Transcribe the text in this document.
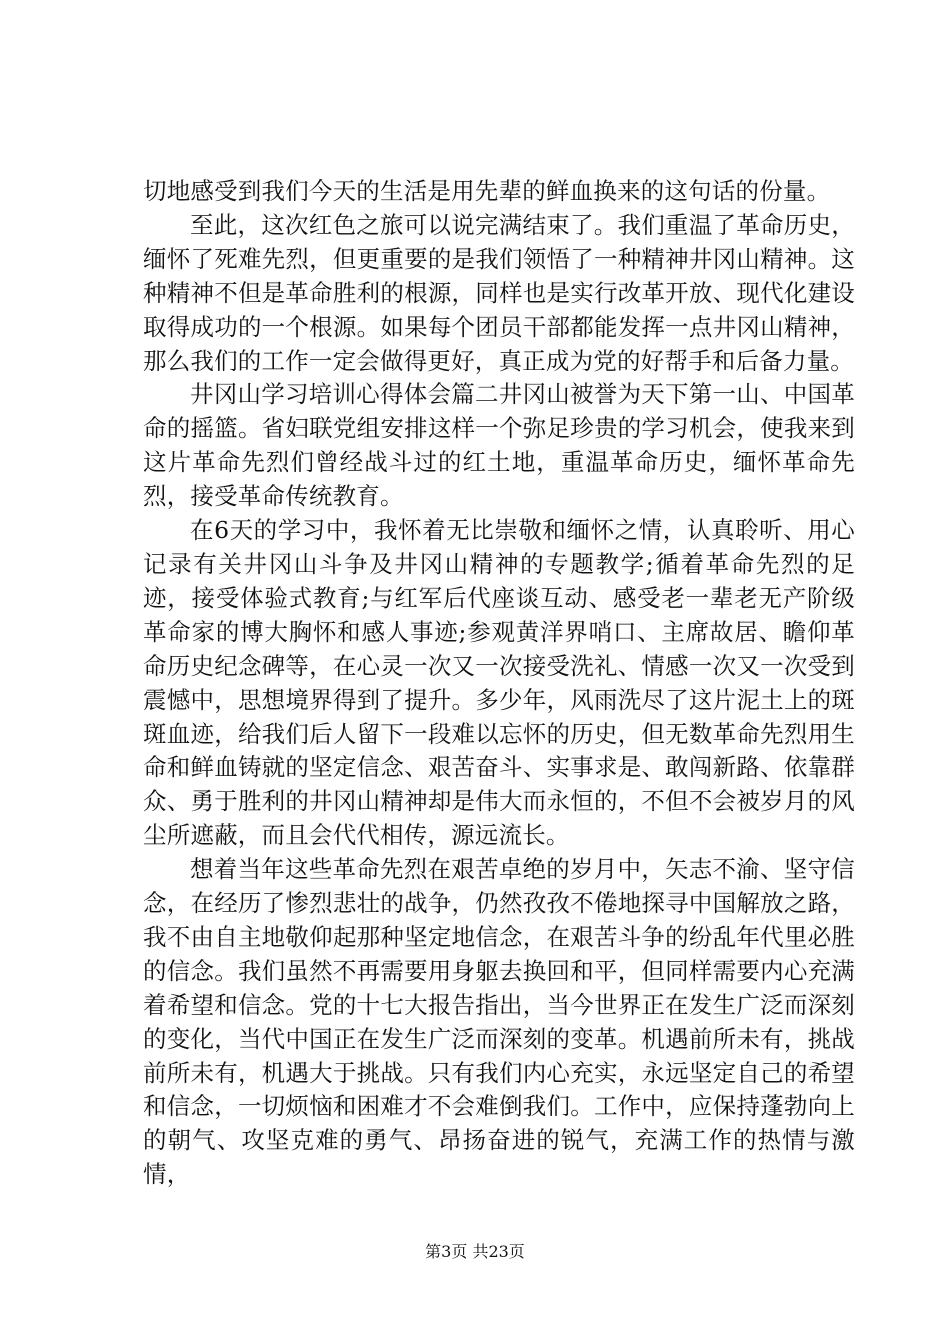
切地感受到我们今天的生活是用先辈的鲜血换来的这句话的份量。

至此，这次红色之旅可以说完满结束了。我们重温了革命历史，缅怀了死难先烈，但更重要的是我们领悟了一种精神井冈山精神。这种精神不但是革命胜利的根源，同样也是实行改革开放、现代化建设取得成功的一个根源。如果每个团员干部都能发挥一点井冈山精神，那么我们的工作一定会做得更好，真正成为党的好帮手和后备力量。

井冈山学习培训心得体会篇二井冈山被誉为天下第一山、中国革命的摇篮。省妇联党组安排这样一个弥足珍贵的学习机会，使我来到这片革命先烈们曾经战斗过的红土地，重温革命历史，缅怀革命先烈，接受革命传统教育。

在6天的学习中，我怀着无比崇敬和缅怀之情，认真聆听、用心记录有关井冈山斗争及井冈山精神的专题教学;循着革命先烈的足迹，接受体验式教育;与红军后代座谈互动、感受老一辈老无产阶级革命家的博大胸怀和感人事迹;参观黄洋界哨口、主席故居、瞻仰革命历史纪念碑等，在心灵一次又一次接受洗礼、情感一次又一次受到震憾中，思想境界得到了提升。多少年，风雨洗尽了这片泥土上的斑斑血迹，给我们后人留下一段难以忘怀的历史，但无数革命先烈用生命和鲜血铸就的坚定信念、艰苦奋斗、实事求是、敢闯新路、依靠群众、勇于胜利的井冈山精神却是伟大而永恒的，不但不会被岁月的风尘所遮蔽，而且会代代相传，源远流长。

想着当年这些革命先烈在艰苦卓绝的岁月中，矢志不渝、坚守信念，在经历了惨烈悲壮的战争，仍然孜孜不倦地探寻中国解放之路，我不由自主地敬仰起那种坚定地信念，在艰苦斗争的纷乱年代里必胜的信念。我们虽然不再需要用身躯去换回和平，但同样需要内心充满着希望和信念。党的十七大报告指出，当今世界正在发生广泛而深刻的变化，当代中国正在发生广泛而深刻的变革。机遇前所未有，挑战前所未有，机遇大于挑战。只有我们内心充实，永远坚定自己的希望和信念，一切烦恼和困难才不会难倒我们。工作中，应保持蓬勃向上的朝气、攻坚克难的勇气、昂扬奋进的锐气，充满工作的热情与激情，

第3页 共23页
